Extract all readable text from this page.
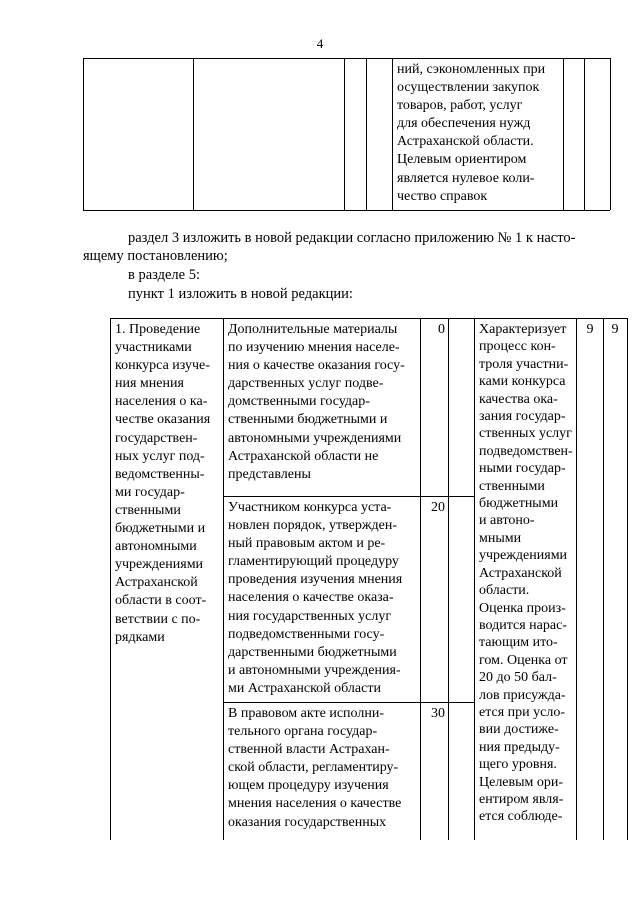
4
ний, сэкономленных при
осуществлении закупок
товаров, работ, услуг
для обеспечения нужд
Астраханской области.
Целевым ориентиром
является нулевое коли-
чество справок
раздел 3 изложить в новой редакции согласно приложению № 1 к насто-
ящему постановлению;
в разделе 5:
пункт 1 изложить в новой редакции:
1. Проведение
участниками
конкурса изуче-
ния мнения
населения о ка-
честве оказания
государствен-
ных услуг под-
ведомственны-
ми государ-
ственными
бюджетными и
автономными
учреждениями
Астраханской
области в соот-
ветствии с по-
рядками
Дополнительные материалы
по изучению мнения населе-
ния о качестве оказания госу-
дарственных услуг подве-
домственными государ-
ственными бюджетными и
автономными учреждениями
Астраханской области не
представлены
0
Участником конкурса уста-
новлен порядок, утвержден-
ный правовым актом и ре-
гламентирующий процедуру
проведения изучения мнения
населения о качестве оказа-
ния государственных услуг
подведомственными госу-
дарственными бюджетными
и автономными учреждения-
ми Астраханской области
20
В правовом акте исполни-
тельного органа государ-
ственной власти Астрахан-
ской области, регламентиру-
ющем процедуру изучения
мнения населения о качестве
оказания государственных
30
Характеризует
процесс кон-
троля участни-
ками конкурса
качества ока-
зания государ-
ственных услуг
подведомствен-
ными государ-
ственными
бюджетными
и автоно-
мными
учреждениями
Астраханской
области.
Оценка произ-
водится нарас-
тающим ито-
гом. Оценка от
20 до 50 бал-
лов присужда-
ется при усло-
вии достиже-
ния предыду-
щего уровня.
Целевым ори-
ентиром явля-
ется соблюде-
9	9
